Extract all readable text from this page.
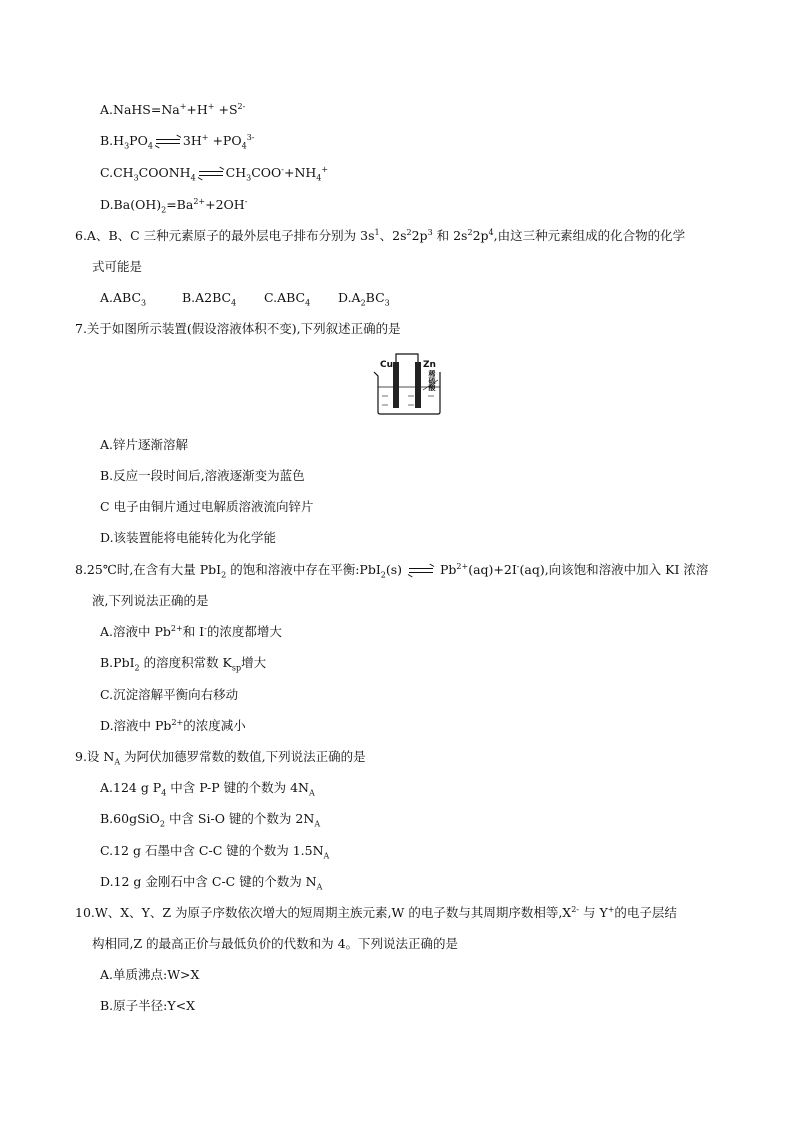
A.NaHS=Na++H+ $+S^{2-}$
$B.H_3PO_4$ $3H^+ +PO_4^{3-}$
$C.CH_3COONH_4$ $CH_3COO^-+NH_4^+$
$D.Ba(OH)_2=Ba^{2+}+2OH^-$
6.A、B、C 三种元素原子的最外层电子排布分别为 $3s^1$、$2s^22p^3$ 和 $2s^22p^4$,由这三种元素组成的化合物的化学
式可能是
$A.ABC_3$	$B.A2BC_4$ $C.ABC_4$ $D.A_2BC_3$
7.关于如图所示装置(假设溶液体积不变),下列叙述正确的是
Cu	Zn
稀硫酸
A.锌片逐渐溶解
B.反应一段时间后,溶液逐渐变为蓝色
C 电子由铜片通过电解质溶液流向锌片
D.该装置能将电能转化为化学能
8.25℃时,在含有大量 PbI$_2$ 的饱和溶液中存在平衡:PbI$_2$(s)
$Pb^{2+}(aq)+2I^-(aq)$,向该饱和溶液中加入 KI 浓溶
液,下列说法正确的是
A.溶液中 $Pb^{2+}$和 I-的浓度都增大
B.PbI$_2$ 的溶度积常数 $K_{sp}$增大
C.沉淀溶解平衡向右移动
D.溶液中 $Pb^{2+}$的浓度减小
9.设 $N_A$ 为阿伏加德罗常数的数值,下列说法正确的是
A.124 g $P_4$ 中含 P-P 键的个数为 $4N_A$
B.60gSiO$_2$ 中含 Si-O 键的个数为 $2N_A$
C.12 g 石墨中含 C-C 键的个数为 $1.5N_A$
D.12 g 金刚石中含 C-C 键的个数为 $N_A$
10.W、X、Y、Z 为原子序数依次增大的短周期主族元素,W 的电子数与其周期序数相等$,X^{2-}$ 与 Y+的电子层结
构相同,Z 的最高正价与最低负价的代数和为 4。下列说法正确的是
A.单质沸点:W>X
B.原子半径:Y<X
